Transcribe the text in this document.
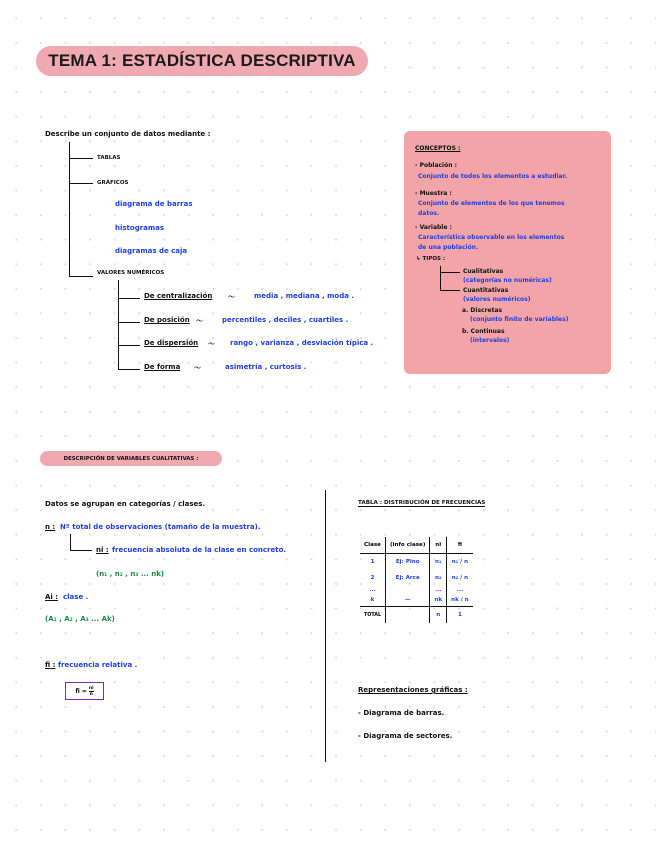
TEMA 1: ESTADÍSTICA DESCRIPTIVA
Describe un conjunto de datos mediante :
TABLAS
GRÁFICOS
diagrama de barras
histogramas
diagramas de caja
VALORES NUMÉRICOS
De centralización 〜	media , mediana , moda .
De posición 〜	percentiles , deciles , cuartiles .
De dispersión 〜 rango , varianza , desviación típica .
De forma 〜	asimetría , curtosis .
CONCEPTOS :
- Población :
Conjunto de todos los elementos a estudiar.
- Muestra :
Conjunto de elementos de los que tenemos
datos.
- Variable :
Característica observable en los elementos
de una población.
↳ TIPOS :
Cualitativas
(categorías no numéricas)
Cuantitativas
(valores numéricos)
a. Discretas
(conjunto finito de variables)
b. Continuas
(intervalos)
DESCRIPCIÓN DE VARIABLES CUALITATIVAS :
Datos se agrupan en categorías / clases.
n : Nº total de observaciones (tamaño de la muestra).
ni : frecuencia absoluta de la clase en concreto.
(n₁ , n₂ , n₃ ... nk)
Ai : clase .
(A₁ , A₂ , A₃ ... Ak)
fi : frecuencia relativa .
fi = $\frac{ni}{n}$
TABLA : DISTRIBUCIÓN DE FRECUENCIAS
Clase	(info clase)	ni	fi
1	Ej: Pino	n₁	n₁ / n
2	Ej: Arce	n₂	n₂ / n
...		...	...
k	—	nk	nk / n
TOTAL		n	1
Representaciones gráficas :
- Diagrama de barras.
- Diagrama de sectores.
